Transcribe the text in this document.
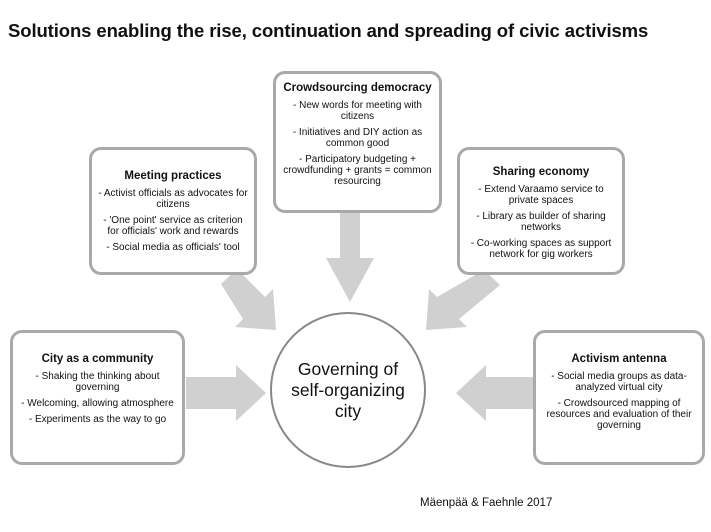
Solutions enabling the rise, continuation and spreading of civic activisms
Crowdsourcing democracy
- New words for meeting with citizens
- Initiatives and DIY action as common good
- Participatory budgeting + crowdfunding + grants = common resourcing
Meeting practices
- Activist officials as advocates for citizens
- 'One point' service as criterion for officials' work and rewards
- Social media as officials' tool
Sharing economy
- Extend Varaamo service to private spaces
- Library as builder of sharing networks
- Co-working spaces as support network for gig workers
City as a community
- Shaking the thinking about governing
- Welcoming, allowing atmosphere
- Experiments as the way to go
Activism antenna
- Social media groups as data-analyzed virtual city
- Crowdsourced mapping of resources and evaluation of their governing
Governing of self-organizing city
Mäenpää & Faehnle 2017
